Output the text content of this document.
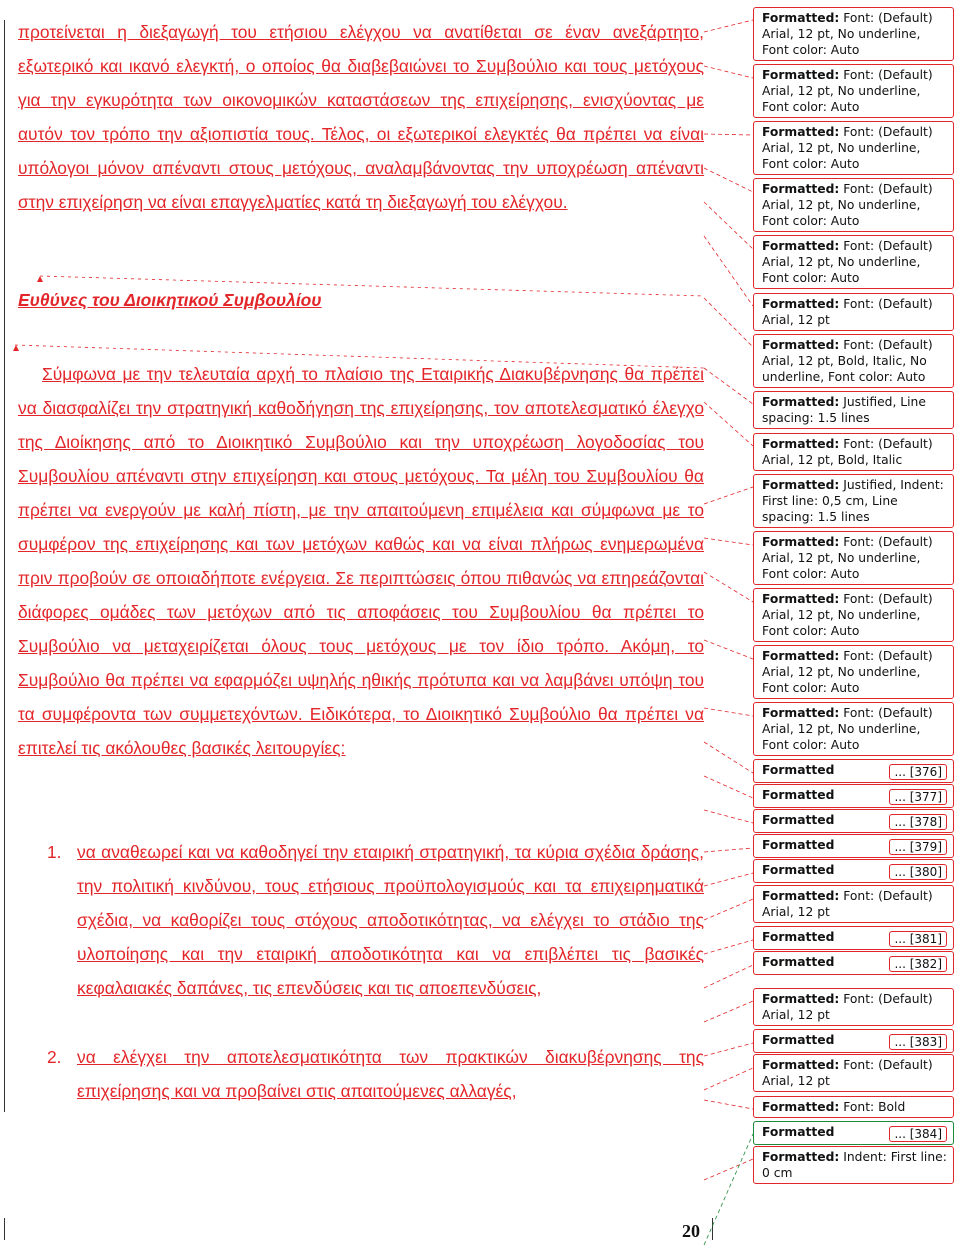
προτείνεται η διεξαγωγή του ετήσιου ελέγχου να ανατίθεται σε έναν ανεξάρτητο, εξωτερικό και ικανό ελεγκτή, ο οποίος θα διαβεβαιώνει το Συμβούλιο και τους μετόχους για την εγκυρότητα των οικονομικών καταστάσεων της επιχείρησης, ενισχύοντας με αυτόν τον τρόπο την αξιοπιστία τους. Τέλος, οι εξωτερικοί ελεγκτές θα πρέπει να είναι υπόλογοι μόνον απέναντι στους μετόχους, αναλαμβάνοντας την υποχρέωση απέναντι στην επιχείρηση να είναι επαγγελματίες κατά τη διεξαγωγή του ελέγχου.

Ευθύνες του Διοικητικού Συμβουλίου

Σύμφωνα με την τελευταία αρχή το πλαίσιο της Εταιρικής Διακυβέρνησης θα πρέπει να διασφαλίζει την στρατηγική καθοδήγηση της επιχείρησης, τον αποτελεσματικό έλεγχο της Διοίκησης από το Διοικητικό Συμβούλιο και την υποχρέωση λογοδοσίας του Συμβουλίου απέναντι στην επιχείρηση και στους μετόχους. Τα μέλη του Συμβουλίου θα πρέπει να ενεργούν με καλή πίστη, με την απαιτούμενη επιμέλεια και σύμφωνα με το συμφέρον της επιχείρησης και των μετόχων καθώς και να είναι πλήρως ενημερωμένα πριν προβούν σε οποιαδήποτε ενέργεια. Σε περιπτώσεις όπου πιθανώς να επηρεάζονται διάφορες ομάδες των μετόχων από τις αποφάσεις του Συμβουλίου θα πρέπει το Συμβούλιο να μεταχειρίζεται όλους τους μετόχους με τον ίδιο τρόπο. Ακόμη, το Συμβούλιο θα πρέπει να εφαρμόζει υψηλής ηθικής πρότυπα και να λαμβάνει υπόψη του τα συμφέροντα των συμμετεχόντων. Ειδικότερα, το Διοικητικό Συμβούλιο θα πρέπει να επιτελεί τις ακόλουθες βασικές λειτουργίες:

1. να αναθεωρεί και να καθοδηγεί την εταιρική στρατηγική, τα κύρια σχέδια δράσης, την πολιτική κινδύνου, τους ετήσιους προϋπολογισμούς και τα επιχειρηματικά σχέδια, να καθορίζει τους στόχους αποδοτικότητας, να ελέγχει το στάδιο της υλοποίησης και την εταιρική αποδοτικότητα και να επιβλέπει τις βασικές κεφαλαιακές δαπάνες, τις επενδύσεις και τις αποεπενδύσεις,
2. να ελέγχει την αποτελεσματικότητα των πρακτικών διακυβέρνησης της επιχείρησης και να προβαίνει στις απαιτούμενες αλλαγές,
20
Formatted: Font: (Default) Arial, 12 pt, No underline, Font color: Auto
Formatted: Font: (Default) Arial, 12 pt, No underline, Font color: Auto
Formatted: Font: (Default) Arial, 12 pt, No underline, Font color: Auto
Formatted: Font: (Default) Arial, 12 pt, No underline, Font color: Auto
Formatted: Font: (Default) Arial, 12 pt, No underline, Font color: Auto
Formatted: Font: (Default) Arial, 12 pt
Formatted: Font: (Default) Arial, 12 pt, Bold, Italic, No underline, Font color: Auto
Formatted: Justified, Line spacing: 1.5 lines
Formatted: Font: (Default) Arial, 12 pt, Bold, Italic
Formatted: Justified, Indent: First line: 0,5 cm, Line spacing: 1.5 lines
Formatted: Font: (Default) Arial, 12 pt, No underline, Font color: Auto
Formatted: Font: (Default) Arial, 12 pt, No underline, Font color: Auto
Formatted: Font: (Default) Arial, 12 pt, No underline, Font color: Auto
Formatted: Font: (Default) Arial, 12 pt, No underline, Font color: Auto
Formatted	... [376]
Formatted	... [377]
Formatted	... [378]
Formatted	... [379]
Formatted	... [380]
Formatted: Font: (Default) Arial, 12 pt
Formatted	... [381]
Formatted	... [382]
Formatted: Font: (Default) Arial, 12 pt
Formatted	... [383]
Formatted: Font: (Default) Arial, 12 pt
Formatted: Font: Bold
Formatted	... [384]
Formatted: Indent: First line: 0 cm
